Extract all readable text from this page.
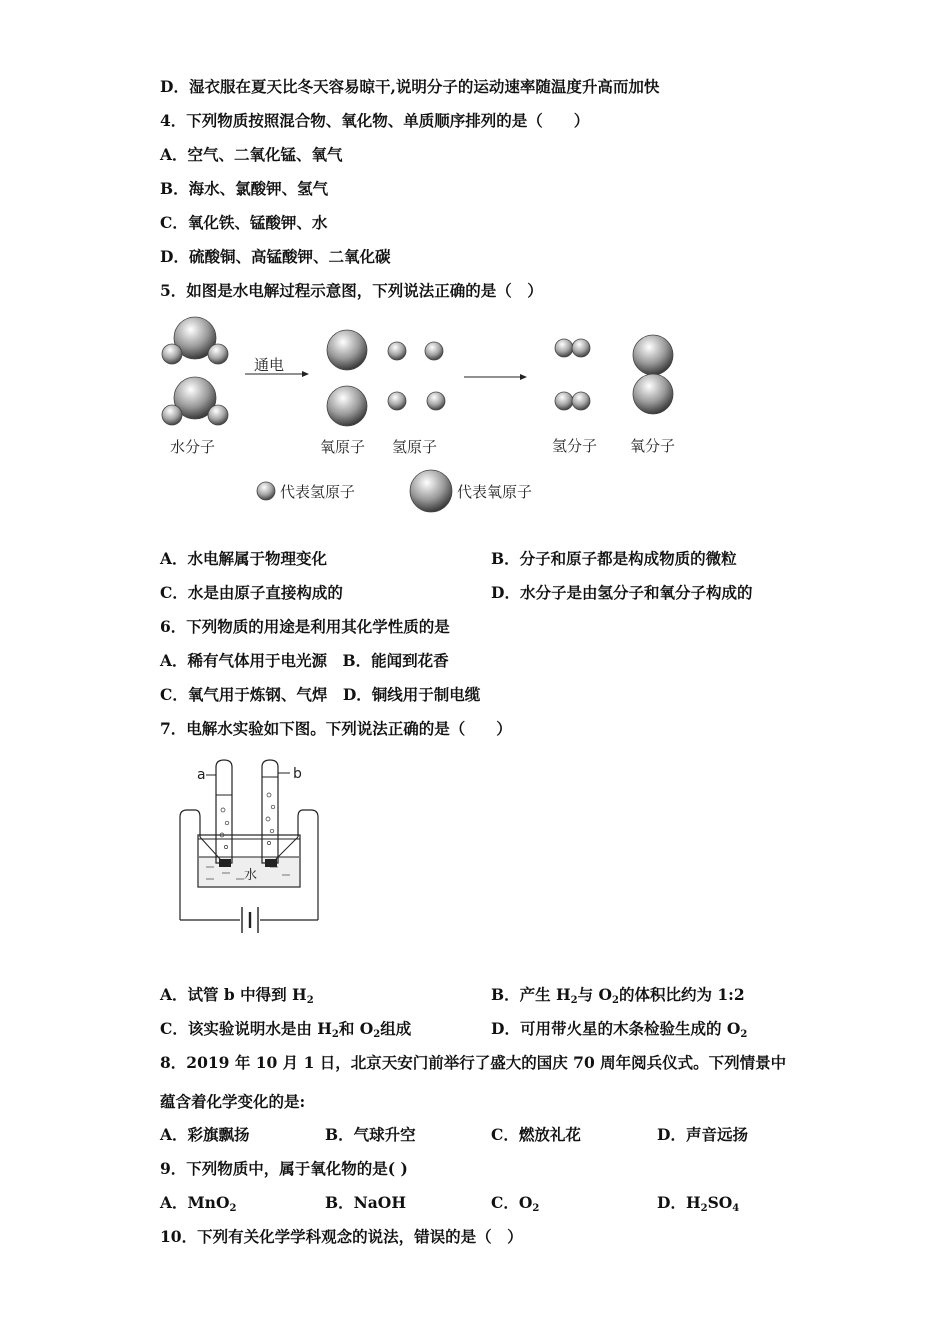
D．湿衣服在夏天比冬天容易晾干,说明分子的运动速率随温度升高而加快
4．下列物质按照混合物、氧化物、单质顺序排列的是（　　）
A．空气、二氧化锰、氧气
B．海水、氯酸钾、氢气
C．氧化铁、锰酸钾、水
D．硫酸铜、高锰酸钾、二氧化碳
5．如图是水电解过程示意图，下列说法正确的是（　）
通电
水分子	氧原子 氢原子	氢分子 氧分子
代表氢原子	代表氧原子
A．水电解属于物理变化	B．分子和原子都是构成物质的微粒
C．水是由原子直接构成的	D．水分子是由氢分子和氧分子构成的
6．下列物质的用途是利用其化学性质的是
A．稀有气体用于电光源　B．能闻到花香
C．氧气用于炼钢、气焊　D．铜线用于制电缆
7．电解水实验如下图。下列说法正确的是（　　）
a	b
水
A．试管 b 中得到 $H_2$	B．产生 $H_2$与 $O_2$的体积比约为 1:2
C．该实验说明水是由 $H_2$和 $O_2$组成	D．可用带火星的木条检验生成的 $O_2$
8．2019 年 10 月 1 日，北京天安门前举行了盛大的国庆 70 周年阅兵仪式。下列情景中
蕴含着化学变化的是:
A．彩旗飘扬	B．气球升空	C．燃放礼花	D．声音远扬
9．下列物质中，属于氧化物的是( )
A．MnO$_2$	B．NaOH	C．$O_2$	D．$H_2SO_4$
10．下列有关化学学科观念的说法，错误的是（　）
